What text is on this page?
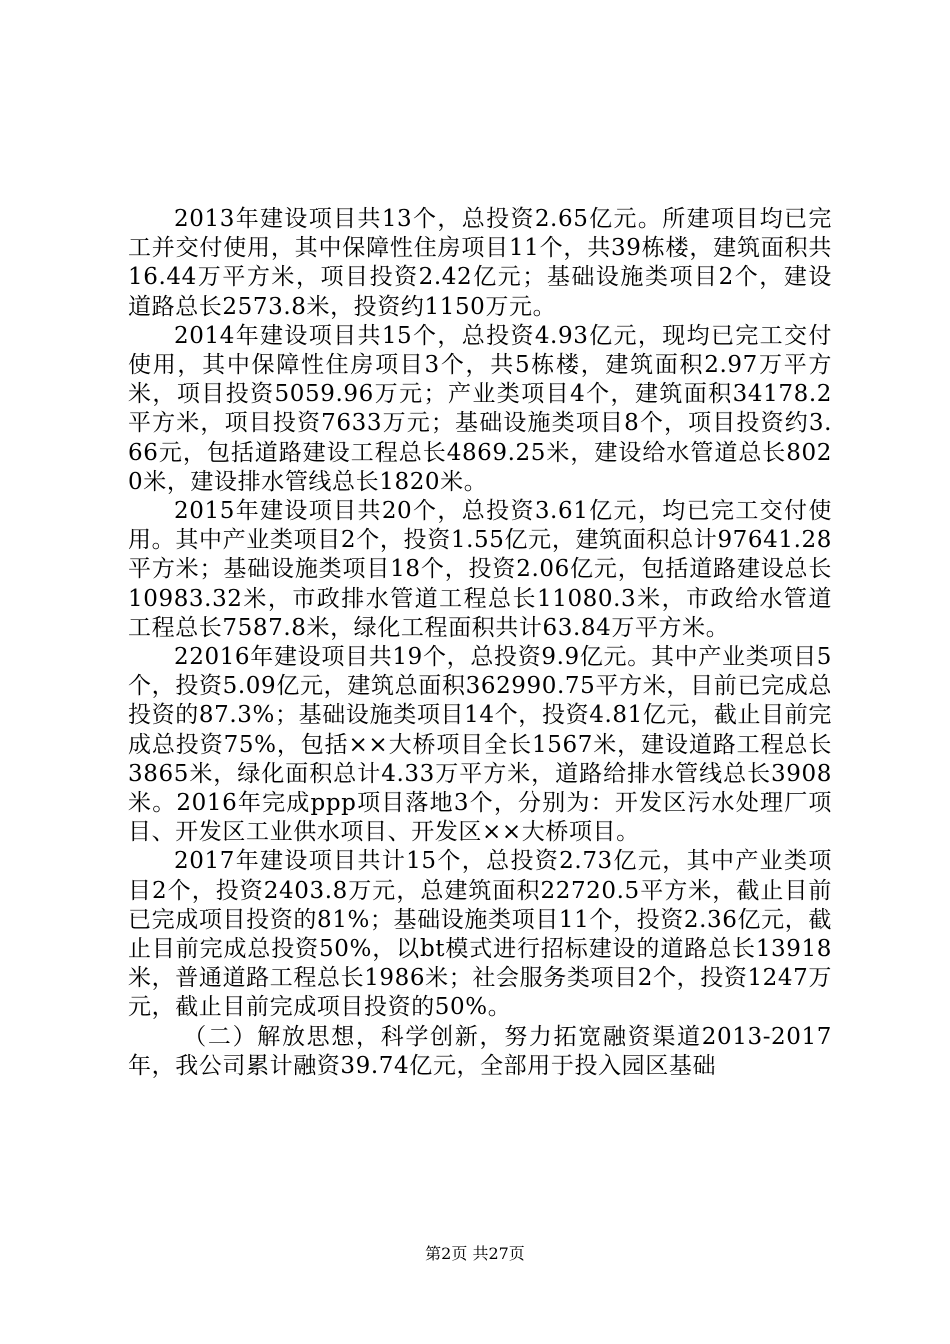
2013年建设项目共13个，总投资2.65亿元。所建项目均已完工并交付使用，其中保障性住房项目11个，共39栋楼，建筑面积共16.44万平方米，项目投资2.42亿元；基础设施类项目2个，建设道路总长2573.8米，投资约1150万元。

2014年建设项目共15个，总投资4.93亿元，现均已完工交付使用，其中保障性住房项目3个，共5栋楼，建筑面积2.97万平方米，项目投资5059.96万元；产业类项目4个，建筑面积34178.2平方米，项目投资7633万元；基础设施类项目8个，项目投资约3.66元，包括道路建设工程总长4869.25米，建设给水管道总长8020米，建设排水管线总长1820米。

2015年建设项目共20个，总投资3.61亿元，均已完工交付使用。其中产业类项目2个，投资1.55亿元，建筑面积总计97641.28平方米；基础设施类项目18个，投资2.06亿元，包括道路建设总长10983.32米，市政排水管道工程总长11080.3米，市政给水管道工程总长7587.8米，绿化工程面积共计63.84万平方米。

22016年建设项目共19个，总投资9.9亿元。其中产业类项目5个，投资5.09亿元，建筑总面积362990.75平方米，目前已完成总投资的87.3%；基础设施类项目14个，投资4.81亿元，截止目前完成总投资75%，包括××大桥项目全长1567米，建设道路工程总长3865米，绿化面积总计4.33万平方米，道路给排水管线总长3908米。2016年完成ppp项目落地3个，分别为：开发区污水处理厂项目、开发区工业供水项目、开发区××大桥项目。

2017年建设项目共计15个，总投资2.73亿元，其中产业类项目2个，投资2403.8万元，总建筑面积22720.5平方米，截止目前已完成项目投资的81%；基础设施类项目11个，投资2.36亿元，截止目前完成总投资50%，以bt模式进行招标建设的道路总长13918米，普通道路工程总长1986米；社会服务类项目2个，投资1247万元，截止目前完成项目投资的50%。

（二）解放思想，科学创新，努力拓宽融资渠道2013-2017年，我公司累计融资39.74亿元，全部用于投入园区基础

第2页 共27页
